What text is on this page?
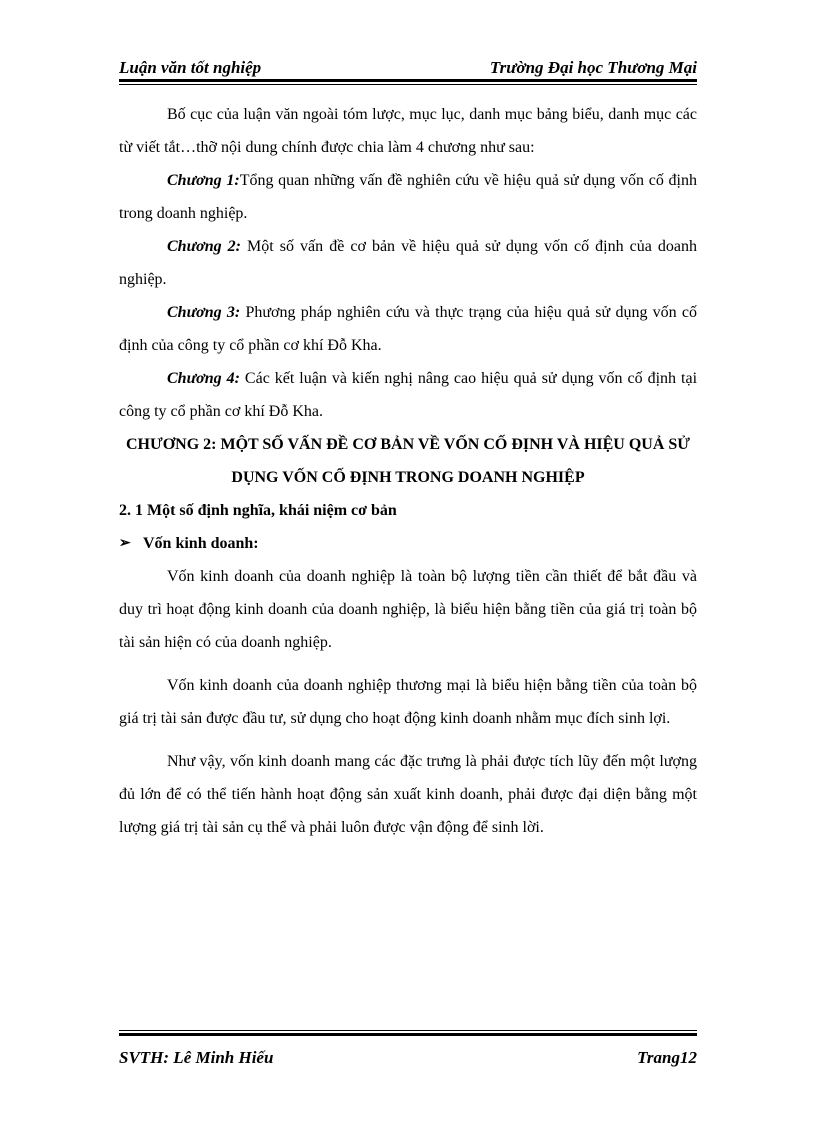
Luận văn tốt nghiệp	Trường Đại học Thương Mại

Bố cục của luận văn ngoài tóm lược, mục lục, danh mục bảng biểu, danh mục các từ viết tắt…thỡ nội dung chính được chia làm 4 chương như sau:

Chương 1:Tổng quan những vấn đề nghiên cứu về hiệu quả sử dụng vốn cố định trong doanh nghiệp.

Chương 2: Một số vấn đề cơ bản về hiệu quả sử dụng vốn cố định của doanh nghiệp.

Chương 3: Phương pháp nghiên cứu và thực trạng của hiệu quả sử dụng vốn cố định của công ty cổ phần cơ khí Đỗ Kha.

Chương 4: Các kết luận và kiến nghị nâng cao hiệu quả sử dụng vốn cố định tại công ty cổ phần cơ khí Đỗ Kha.

CHƯƠNG 2: MỘT SỐ VẤN ĐỀ CƠ BẢN VỀ VỐN CỐ ĐỊNH VÀ HIỆU QUẢ SỬ DỤNG VỐN CỐ ĐỊNH TRONG DOANH NGHIỆP

2. 1 Một số định nghĩa, khái niệm cơ bản

➢ Vốn kinh doanh:

Vốn kinh doanh của doanh nghiệp là toàn bộ lượng tiền cần thiết để bắt đầu và duy trì hoạt động kinh doanh của doanh nghiệp, là biểu hiện bằng tiền của giá trị toàn bộ tài sản hiện có của doanh nghiệp.

Vốn kinh doanh của doanh nghiệp thương mại là biểu hiện bằng tiền của toàn bộ giá trị tài sản được đầu tư, sử dụng cho hoạt động kinh doanh nhằm mục đích sinh lợi.

Như vậy, vốn kinh doanh mang các đặc trưng là phải được tích lũy đến một lượng đủ lớn để có thể tiến hành hoạt động sản xuất kinh doanh, phải được đại diện bằng một lượng giá trị tài sản cụ thể và phải luôn được vận động để sinh lời.

SVTH: Lê Minh Hiếu	Trang12
